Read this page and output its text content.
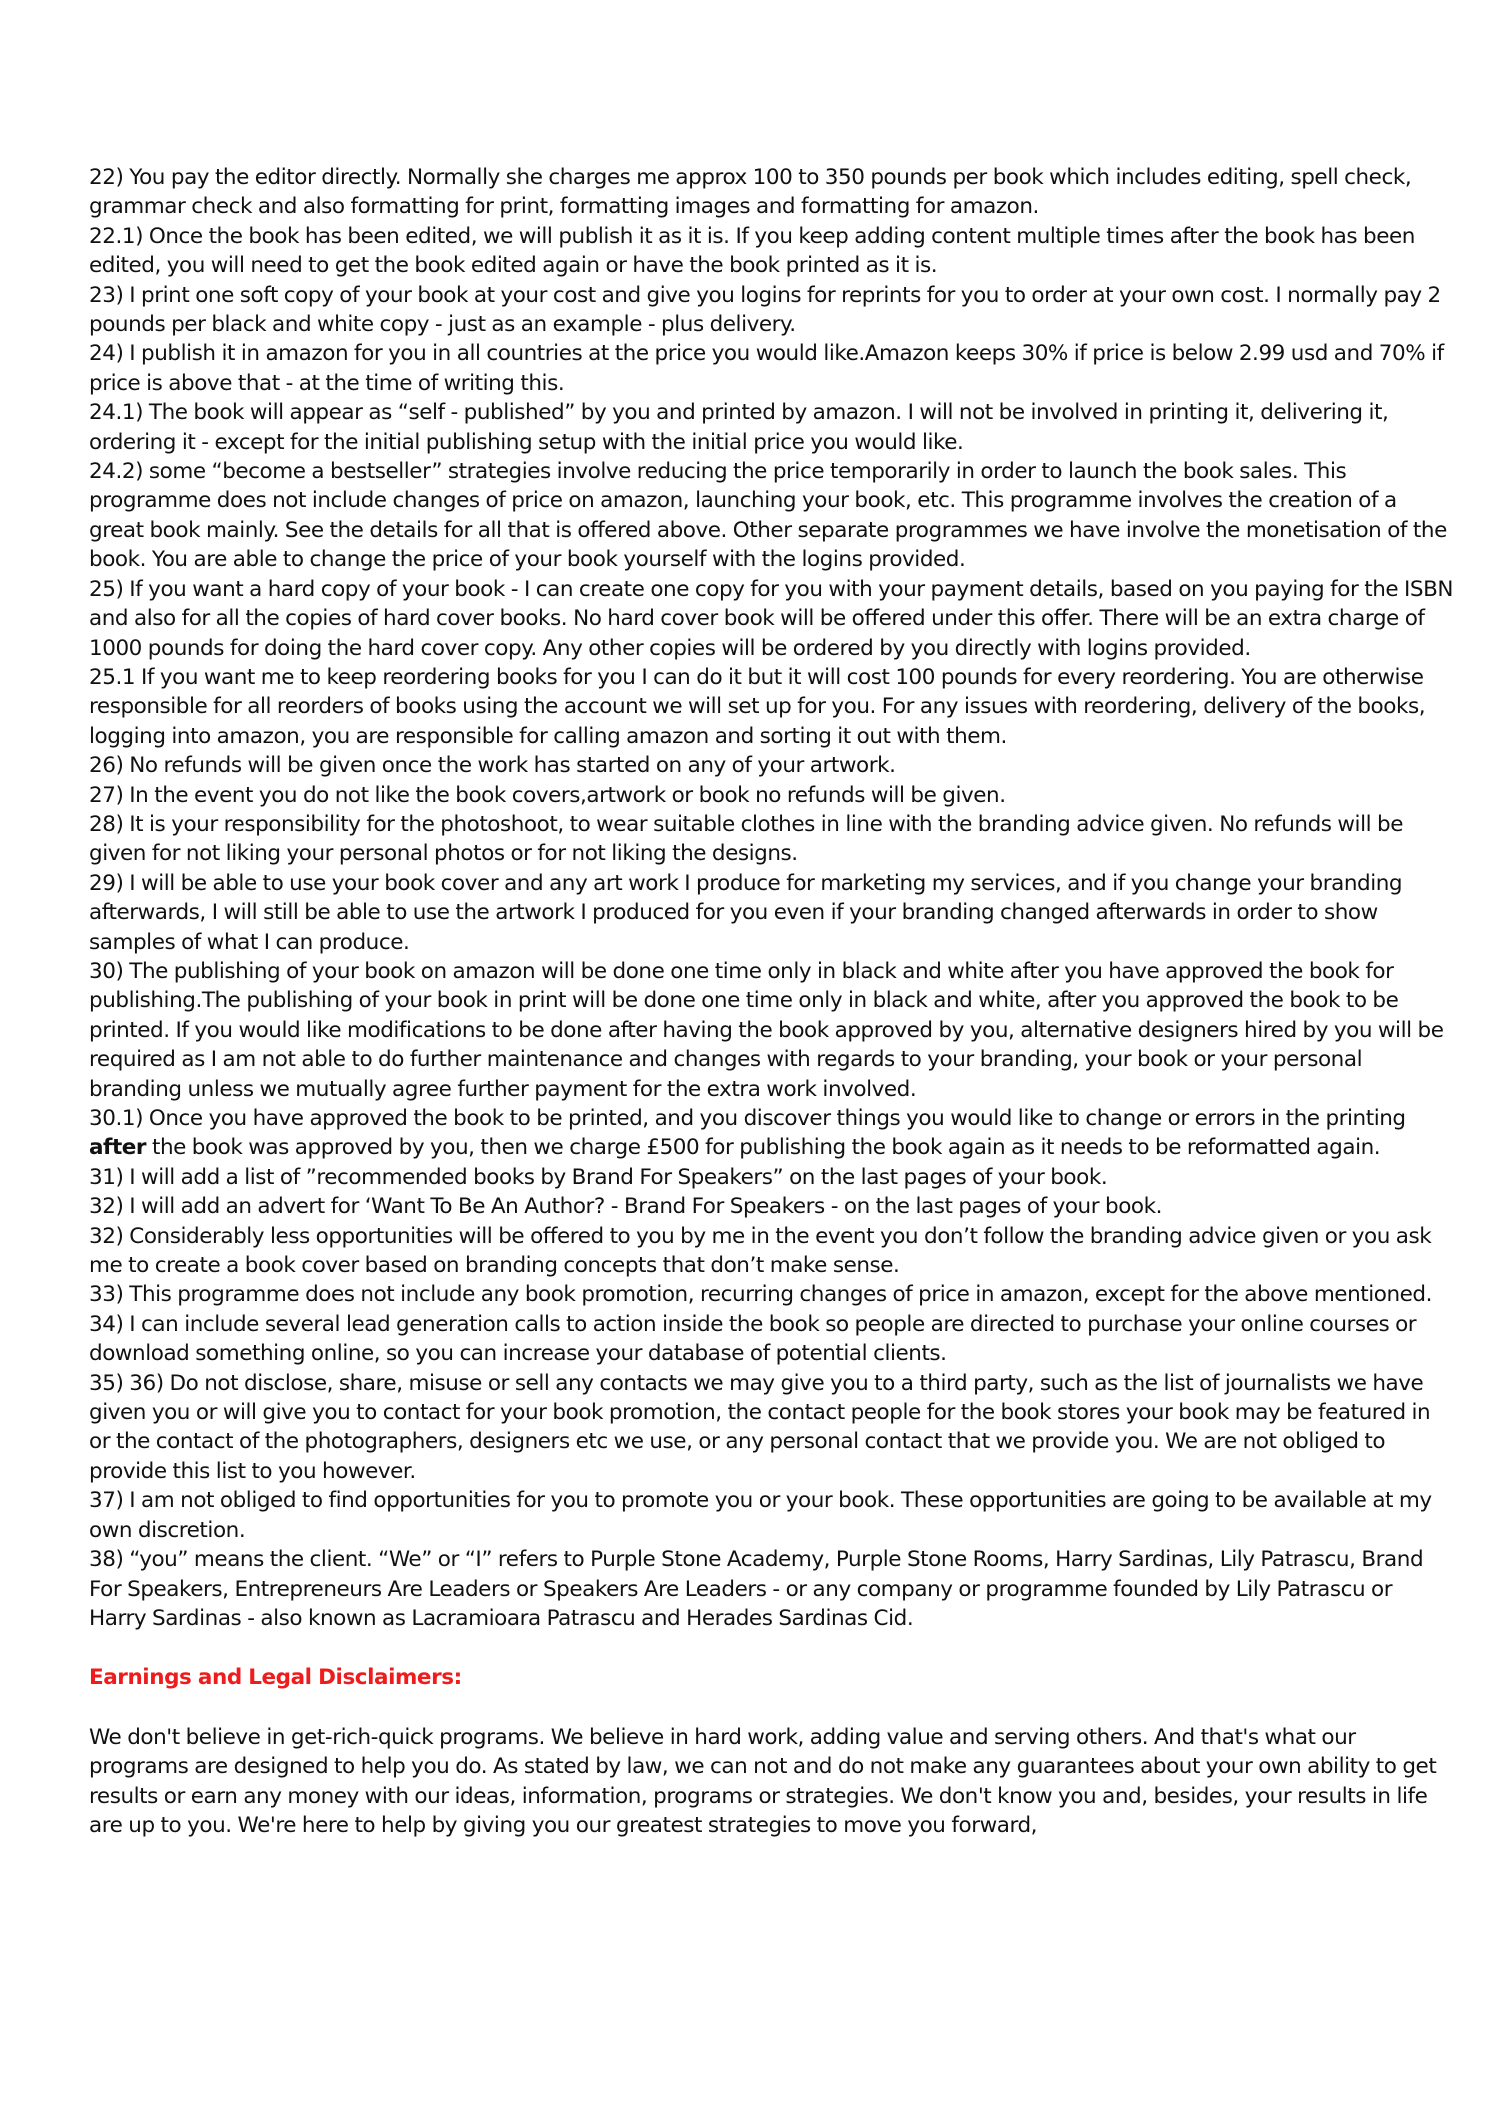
22) You pay the editor directly. Normally she charges me approx 100 to 350 pounds per book which includes editing, spell check, grammar check and also formatting for print, formatting images and formatting for amazon.

22.1) Once the book has been edited, we will publish it as it is. If you keep adding content multiple times after the book has been edited, you will need to get the book edited again or have the book printed as it is.

23) I print one soft copy of your book at your cost and give you logins for reprints for you to order at your own cost. I normally pay 2 pounds per black and white copy - just as an example - plus delivery.

24) I publish it in amazon for you in all countries at the price you would like.Amazon keeps 30% if price is below 2.99 usd and 70% if price is above that - at the time of writing this.

24.1) The book will appear as “self - published” by you and printed by amazon. I will not be involved in printing it, delivering it, ordering it - except for the initial publishing setup with the initial price you would like.

24.2) some “become a bestseller” strategies involve reducing the price temporarily in order to launch the book sales. This programme does not include changes of price on amazon, launching your book, etc. This programme involves the creation of a great book mainly. See the details for all that is offered above. Other separate programmes we have involve the monetisation of the book. You are able to change the price of your book yourself with the logins provided.

25) If you want a hard copy of your book - I can create one copy for you with your payment details, based on you paying for the ISBN and also for all the copies of hard cover books. No hard cover book will be offered under this offer. There will be an extra charge of 1000 pounds for doing the hard cover copy. Any other copies will be ordered by you directly with logins provided.

25.1 If you want me to keep reordering books for you I can do it but it will cost 100 pounds for every reordering. You are otherwise responsible for all reorders of books using the account we will set up for you. For any issues with reordering, delivery of the books, logging into amazon, you are responsible for calling amazon and sorting it out with them.

26) No refunds will be given once the work has started on any of your artwork.

27) In the event you do not like the book covers,artwork or book no refunds will be given.

28) It is your responsibility for the photoshoot, to wear suitable clothes in line with the branding advice given. No refunds will be given for not liking your personal photos or for not liking the designs.

29) I will be able to use your book cover and any art work I produce for marketing my services, and if you change your branding afterwards, I will still be able to use the artwork I produced for you even if your branding changed afterwards in order to show samples of what I can produce.

30) The publishing of your book on amazon will be done one time only in black and white after you have approved the book for publishing.The publishing of your book in print will be done one time only in black and white, after you approved the book to be printed. If you would like modifications to be done after having the book approved by you, alternative designers hired by you will be required as I am not able to do further maintenance and changes with regards to your branding, your book or your personal branding unless we mutually agree further payment for the extra work involved.

30.1) Once you have approved the book to be printed, and you discover things you would like to change or errors in the printing after the book was approved by you, then we charge £500 for publishing the book again as it needs to be reformatted again.

31) I will add a list of ”recommended books by Brand For Speakers” on the last pages of your book.

32) I will add an advert for ‘Want To Be An Author? - Brand For Speakers - on the last pages of your book.

32) Considerably less opportunities will be offered to you by me in the event you don’t follow the branding advice given or you ask me to create a book cover based on branding concepts that don’t make sense.

33) This programme does not include any book promotion, recurring changes of price in amazon, except for the above mentioned.

34) I can include several lead generation calls to action inside the book so people are directed to purchase your online courses or download something online, so you can increase your database of potential clients.

35) 36) Do not disclose, share, misuse or sell any contacts we may give you to a third party, such as the list of journalists we have given you or will give you to contact for your book promotion, the contact people for the book stores your book may be featured in or the contact of the photographers, designers etc we use, or any personal contact that we provide you. We are not obliged to provide this list to you however.

37) I am not obliged to find opportunities for you to promote you or your book. These opportunities are going to be available at my own discretion.

38) “you” means the client. “We” or “I” refers to Purple Stone Academy, Purple Stone Rooms, Harry Sardinas, Lily Patrascu, Brand For Speakers, Entrepreneurs Are Leaders or Speakers Are Leaders - or any company or programme founded by Lily Patrascu or Harry Sardinas - also known as Lacramioara Patrascu and Herades Sardinas Cid.

Earnings and Legal Disclaimers:

We don't believe in get-rich-quick programs. We believe in hard work, adding value and serving others. And that's what our programs are designed to help you do. As stated by law, we can not and do not make any guarantees about your own ability to get results or earn any money with our ideas, information, programs or strategies. We don't know you and, besides, your results in life are up to you. We're here to help by giving you our greatest strategies to move you forward,
